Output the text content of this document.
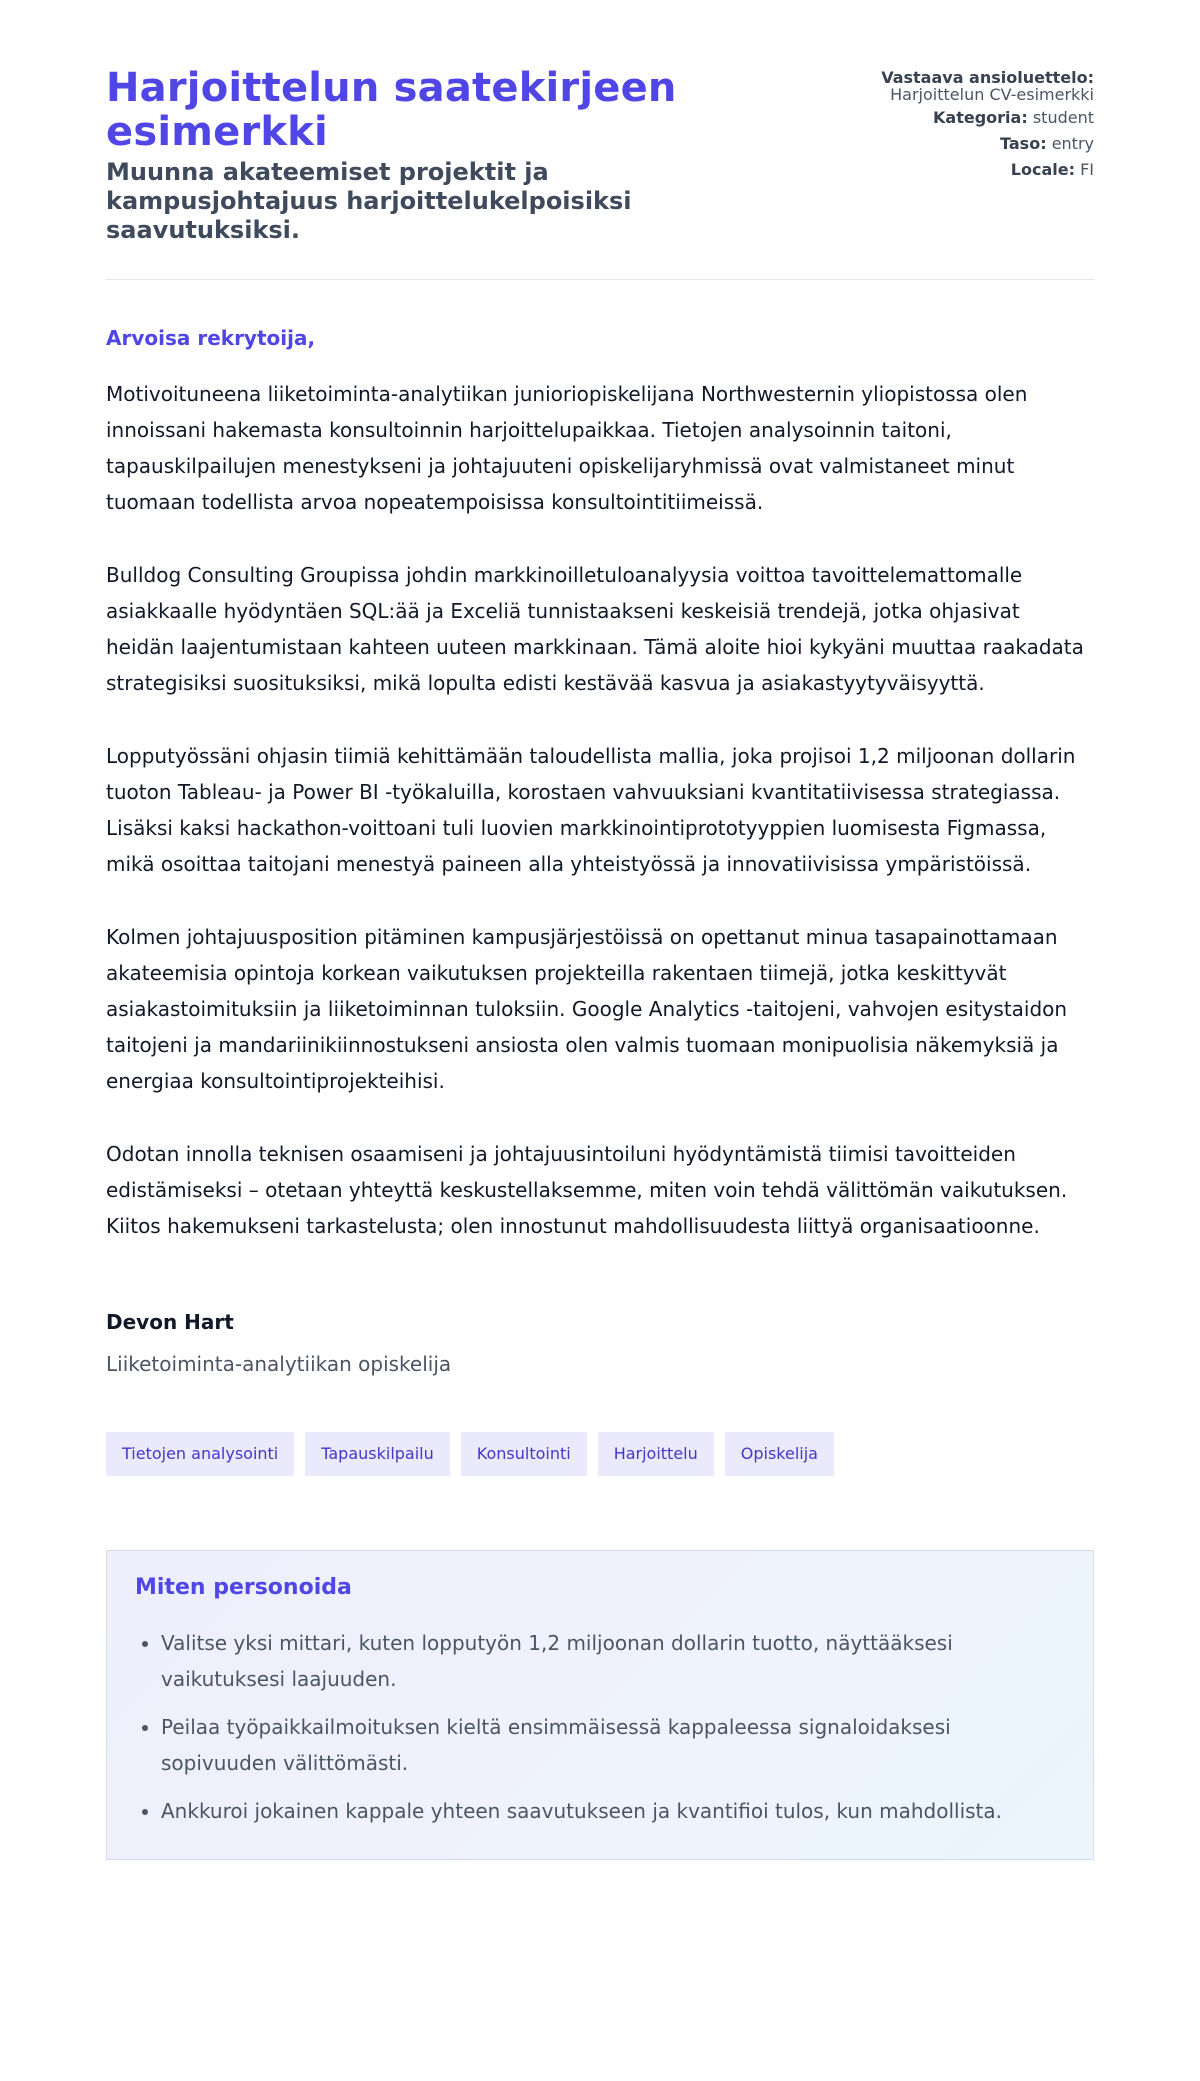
Harjoittelun saatekirjeen esimerkki
Muunna akateemiset projektit ja kampusjohtajuus harjoittelukelpoisiksi saavutuksiksi.
Vastaava ansioluettelo:
Harjoittelun CV-esimerkki
Kategoria: student
Taso: entry
Locale: FI
Arvoisa rekrytoija,

Motivoituneena liiketoiminta-analytiikan junioriopiskelijana Northwesternin yliopistossa olen innoissani hakemasta konsultoinnin harjoittelupaikkaa. Tietojen analysoinnin taitoni, tapauskilpailujen menestykseni ja johtajuuteni opiskelijaryhmissä ovat valmistaneet minut tuomaan todellista arvoa nopeatempoisissa konsultointitiimeissä.

Bulldog Consulting Groupissa johdin markkinoilletuloanalyysia voittoa tavoittelemattomalle asiakkaalle hyödyntäen SQL:ää ja Exceliä tunnistaakseni keskeisiä trendejä, jotka ohjasivat heidän laajentumistaan kahteen uuteen markkinaan. Tämä aloite hioi kykyäni muuttaa raakadata strategisiksi suosituksiksi, mikä lopulta edisti kestävää kasvua ja asiakastyytyväisyyttä.

Lopputyössäni ohjasin tiimiä kehittämään taloudellista mallia, joka projisoi 1,2 miljoonan dollarin tuoton Tableau- ja Power BI -työkaluilla, korostaen vahvuuksiani kvantitatiivisessa strategiassa. Lisäksi kaksi hackathon-voittoani tuli luovien markkinointiprototyyppien luomisesta Figmassa, mikä osoittaa taitojani menestyä paineen alla yhteistyössä ja innovatiivisissa ympäristöissä.

Kolmen johtajuusposition pitäminen kampusjärjestöissä on opettanut minua tasapainottamaan akateemisia opintoja korkean vaikutuksen projekteilla rakentaen tiimejä, jotka keskittyvät asiakastoimituksiin ja liiketoiminnan tuloksiin. Google Analytics -taitojeni, vahvojen esitystaidon taitojeni ja mandariinikiinnostukseni ansiosta olen valmis tuomaan monipuolisia näkemyksiä ja energiaa konsultointiprojekteihisi.

Odotan innolla teknisen osaamiseni ja johtajuusintoiluni hyödyntämistä tiimisi tavoitteiden edistämiseksi – otetaan yhteyttä keskustellaksemme, miten voin tehdä välittömän vaikutuksen. Kiitos hakemukseni tarkastelusta; olen innostunut mahdollisuudesta liittyä organisaatioonne.

Devon Hart
Liiketoiminta-analytiikan opiskelija
Tietojen analysointi	Tapauskilpailu	Konsultointi	Harjoittelu	Opiskelija
Miten personoida
• Valitse yksi mittari, kuten lopputyön 1,2 miljoonan dollarin tuotto, näyttääksesi vaikutuksesi laajuuden.
• Peilaa työpaikkailmoituksen kieltä ensimmäisessä kappaleessa signaloidaksesi sopivuuden välittömästi.
• Ankkuroi jokainen kappale yhteen saavutukseen ja kvantifioi tulos, kun mahdollista.
